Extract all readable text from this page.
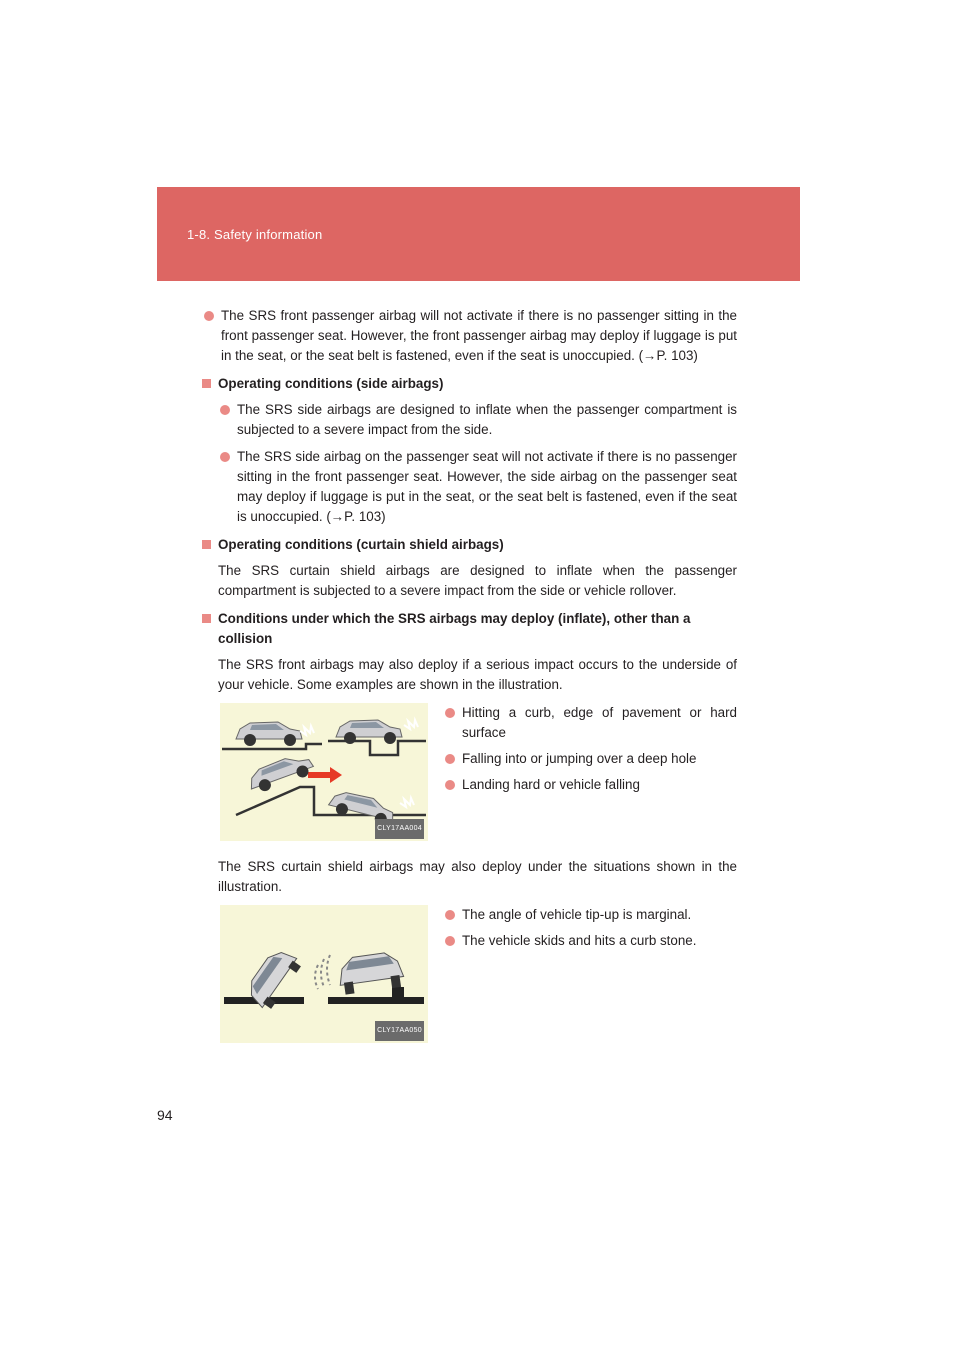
1-8. Safety information
The SRS front passenger airbag will not activate if there is no passenger sitting in the front passenger seat. However, the front passenger airbag may deploy if luggage is put in the seat, or the seat belt is fastened, even if the seat is unoccupied. (→P. 103)
Operating conditions (side airbags)
The SRS side airbags are designed to inflate when the passenger compartment is subjected to a severe impact from the side.
The SRS side airbag on the passenger seat will not activate if there is no passenger sitting in the front passenger seat. However, the side airbag on the passenger seat may deploy if luggage is put in the seat, or the seat belt is fastened, even if the seat is unoccupied. (→P. 103)
Operating conditions (curtain shield airbags)
The SRS curtain shield airbags are designed to inflate when the passenger compartment is subjected to a severe impact from the side or vehicle rollover.
Conditions under which the SRS airbags may deploy (inflate), other than a collision
The SRS front airbags may also deploy if a serious impact occurs to the underside of your vehicle. Some examples are shown in the illustration.
CLY17AA004
Hitting a curb, edge of pavement or hard surface
Falling into or jumping over a deep hole
Landing hard or vehicle falling
The SRS curtain shield airbags may also deploy under the situations shown in the illustration.
CLY17AA050
The angle of vehicle tip-up is marginal.
The vehicle skids and hits a curb stone.
94
